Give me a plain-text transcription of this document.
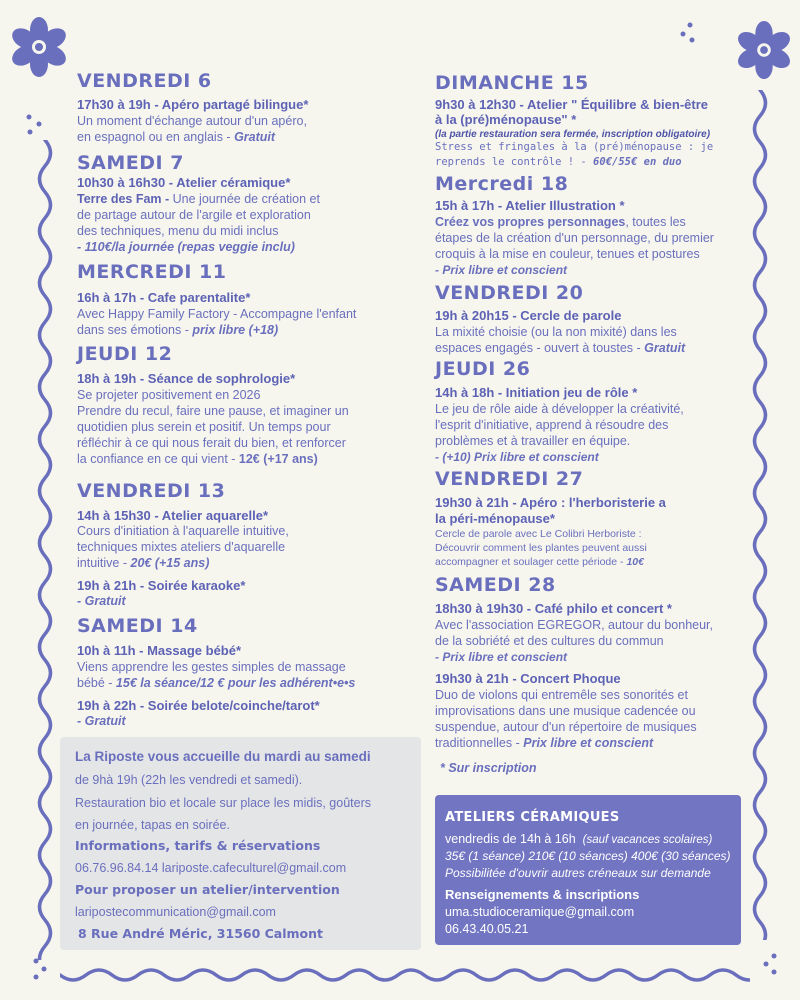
VENDREDI 6
17h30 à 19h - Apéro partagé bilingue*
Un moment d'échange autour d'un apéro,
en espagnol ou en anglais - Gratuit
SAMEDI 7
10h30 à 16h30 - Atelier céramique*
Terre des Fam - Une journée de création et
de partage autour de l'argile et exploration
des techniques, menu du midi inclus
- 110€/la journée (repas veggie inclu)
MERCREDI 11
16h à 17h - Cafe parentalite*
Avec Happy Family Factory - Accompagne l'enfant
dans ses émotions - prix libre (+18)
JEUDI 12
18h à 19h - Séance de sophrologie*
Se projeter positivement en 2026
Prendre du recul, faire une pause, et imaginer un
quotidien plus serein et positif. Un temps pour
réfléchir à ce qui nous ferait du bien, et renforcer
la confiance en ce qui vient - 12€ (+17 ans)
VENDREDI 13
14h à 15h30 - Atelier aquarelle*
Cours d'initiation à l'aquarelle intuitive,
techniques mixtes ateliers d'aquarelle
intuitive - 20€ (+15 ans)
19h à 21h - Soirée karaoke*
- Gratuit
SAMEDI 14
10h à 11h - Massage bébé*
Viens apprendre les gestes simples de massage
bébé - 15€ la séance/12 € pour les adhérent•e•s
19h à 22h - Soirée belote/coinche/tarot*
- Gratuit
DIMANCHE 15
9h30 à 12h30 - Atelier " Équilibre & bien-être
à la (pré)ménopause" *
(la partie restauration sera fermée, inscription obligatoire)
Stress et fringales à la (pré)ménopause : je
reprends le contrôle ! - 60€/55€ en duo
Mercredi 18
15h à 17h - Atelier Illustration *
Créez vos propres personnages, toutes les
étapes de la création d'un personnage, du premier
croquis à la mise en couleur, tenues et postures
- Prix libre et conscient
VENDREDI 20
19h à 20h15 - Cercle de parole
La mixité choisie (ou la non mixité) dans les
espaces engagés - ouvert à toustes - Gratuit
JEUDI 26
14h à 18h - Initiation jeu de rôle *
Le jeu de rôle aide à développer la créativité,
l'esprit d'initiative, apprend à résoudre des
problèmes et à travailler en équipe.
- (+10) Prix libre et conscient
VENDREDI 27
19h30 à 21h - Apéro : l'herboristerie a
la péri-ménopause*
Cercle de parole avec Le Colibri Herboriste :
Découvrir comment les plantes peuvent aussi
accompagner et soulager cette période - 10€
SAMEDI 28
18h30 à 19h30 - Café philo et concert *
Avec l'association EGREGOR, autour du bonheur,
de la sobriété et des cultures du commun
- Prix libre et conscient
19h30 à 21h - Concert Phoque
Duo de violons qui entremêle ses sonorités et
improvisations dans une musique cadencée ou
suspendue, autour d'un répertoire de musiques
traditionnelles - Prix libre et conscient
* Sur inscription
La Riposte vous accueille du mardi au samedi
de 9hà 19h (22h les vendredi et samedi).
Restauration bio et locale sur place les midis, goûters
en journée, tapas en soirée.
Informations, tarifs & réservations
06.76.96.84.14 lariposte.cafeculturel@gmail.com
Pour proposer un atelier/intervention
laripostecommunication@gmail.com
8 Rue André Méric, 31560 Calmont
ATELIERS CÉRAMIQUES
vendredis de 14h à 16h (sauf vacances scolaires)
35€ (1 séance) 210€ (10 séances) 400€ (30 séances)
Possibilitée d'ouvrir autres créneaux sur demande
Renseignements & inscriptions
uma.studioceramique@gmail.com
06.43.40.05.21
